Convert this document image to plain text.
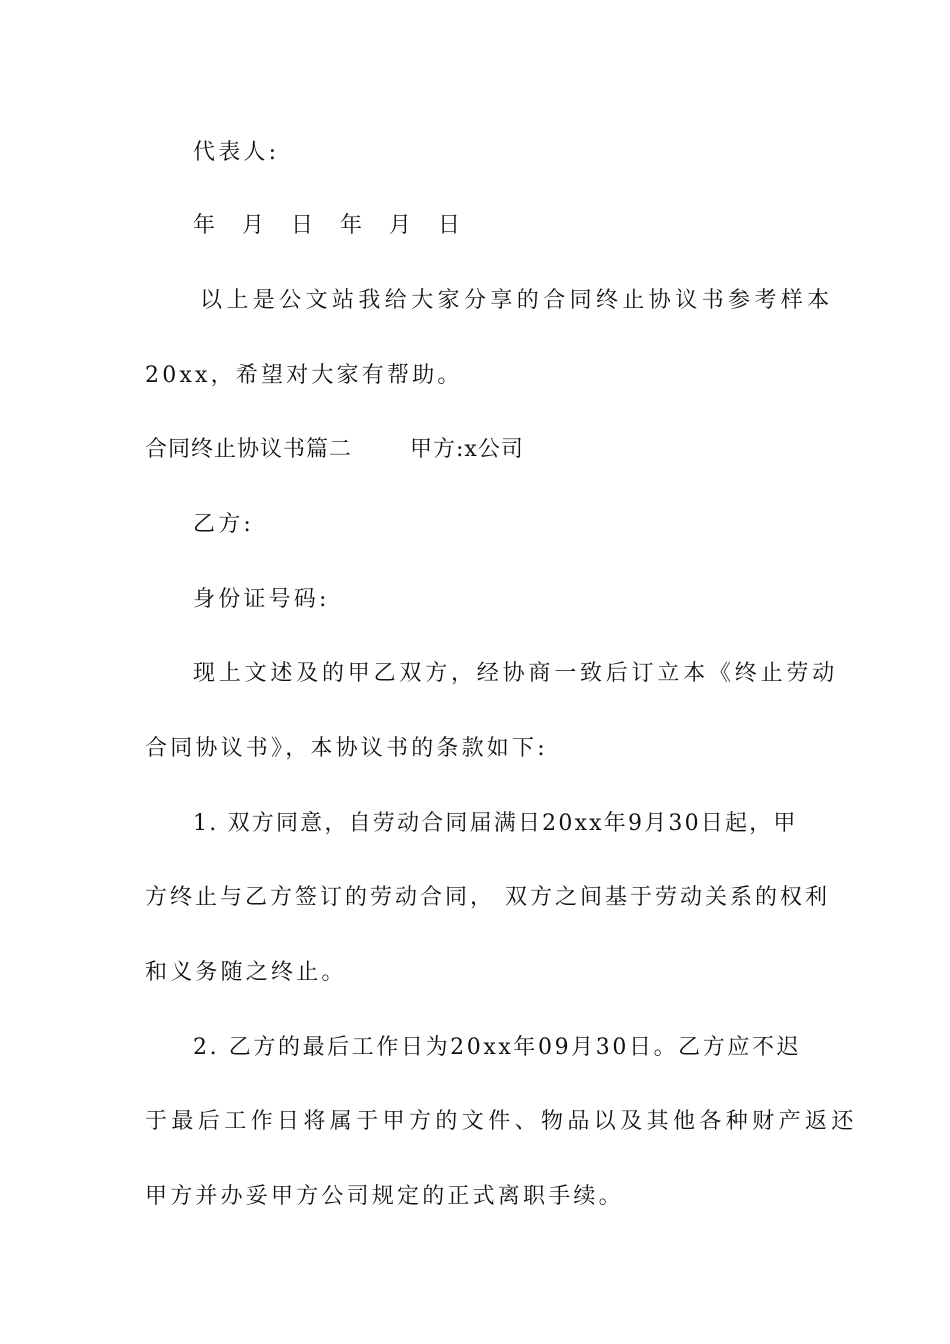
代表人:
年 月 日 年 月 日
以上是公文站我给大家分享的合同终止协议书参考样本
20xx，希望对大家有帮助。
合同终止协议书篇二	甲方:x公司
乙方:
身份证号码:
现上文述及的甲乙双方，经协商一致后订立本《终止劳动
合同协议书》，本协议书的条款如下:
1. 双方同意，自劳动合同届满日20xx年9月30日起，甲
方终止与乙方签订的劳动合同， 双方之间基于劳动关系的权利
和义务随之终止。
2. 乙方的最后工作日为20xx年09月30日。乙方应不迟
于最后工作日将属于甲方的文件、物品以及其他各种财产返还
甲方并办妥甲方公司规定的正式离职手续。
